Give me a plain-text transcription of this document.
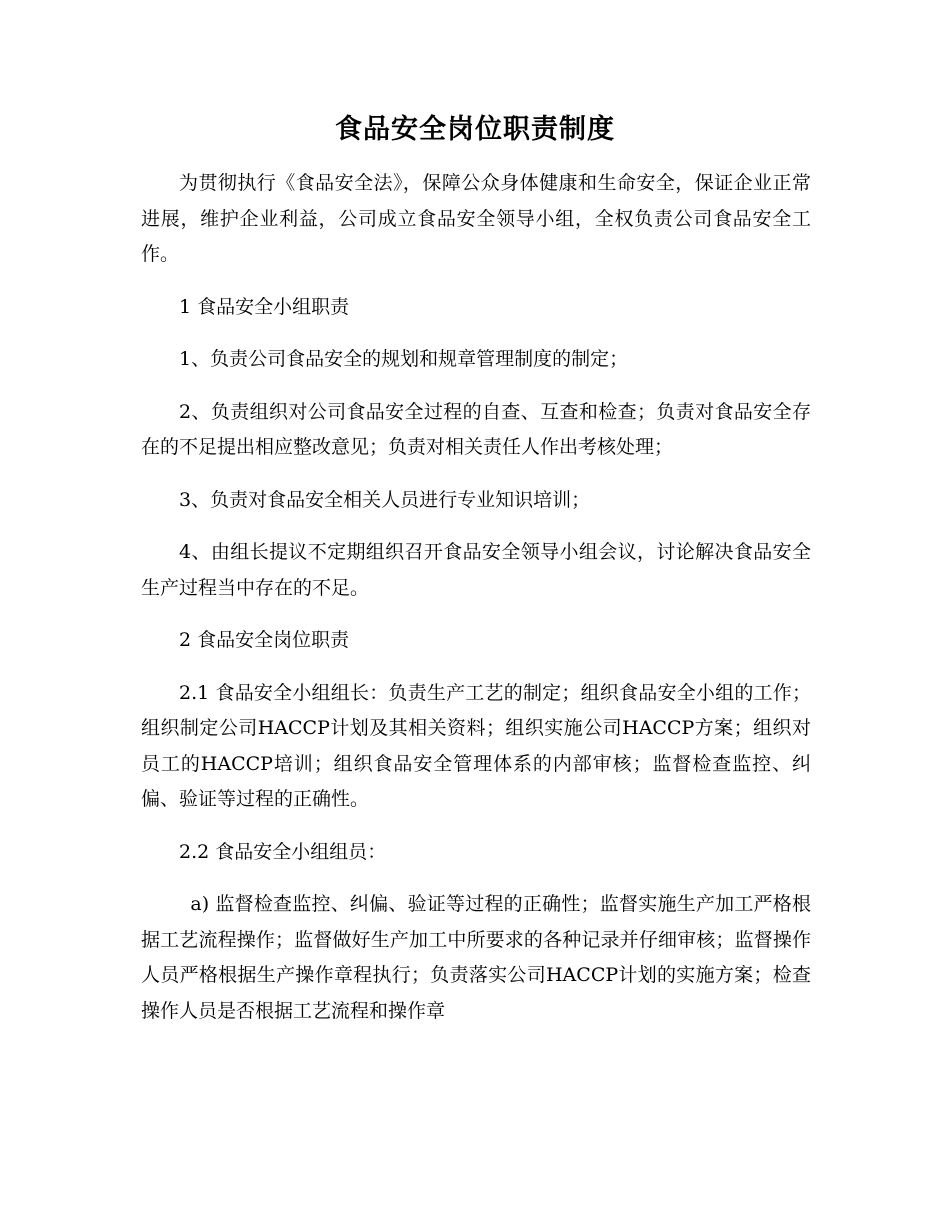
食品安全岗位职责制度

为贯彻执行《食品安全法》，保障公众身体健康和生命安全，保证企业正常进展，维护企业利益，公司成立食品安全领导小组，全权负责公司食品安全工作。

1 食品安全小组职责

1、负责公司食品安全的规划和规章管理制度的制定；

2、负责组织对公司食品安全过程的自查、互查和检查；负责对食品安全存在的不足提出相应整改意见；负责对相关责任人作出考核处理；

3、负责对食品安全相关人员进行专业知识培训；

4、由组长提议不定期组织召开食品安全领导小组会议，讨论解决食品安全生产过程当中存在的不足。

2 食品安全岗位职责

2.1 食品安全小组组长：负责生产工艺的制定；组织食品安全小组的工作；组织制定公司HACCP计划及其相关资料；组织实施公司HACCP方案；组织对员工的HACCP培训；组织食品安全管理体系的内部审核；监督检查监控、纠偏、验证等过程的正确性。

2.2 食品安全小组组员：

a) 监督检查监控、纠偏、验证等过程的正确性；监督实施生产加工严格根据工艺流程操作；监督做好生产加工中所要求的各种记录并仔细审核；监督操作人员严格根据生产操作章程执行；负责落实公司HACCP计划的实施方案；检查操作人员是否根据工艺流程和操作章
